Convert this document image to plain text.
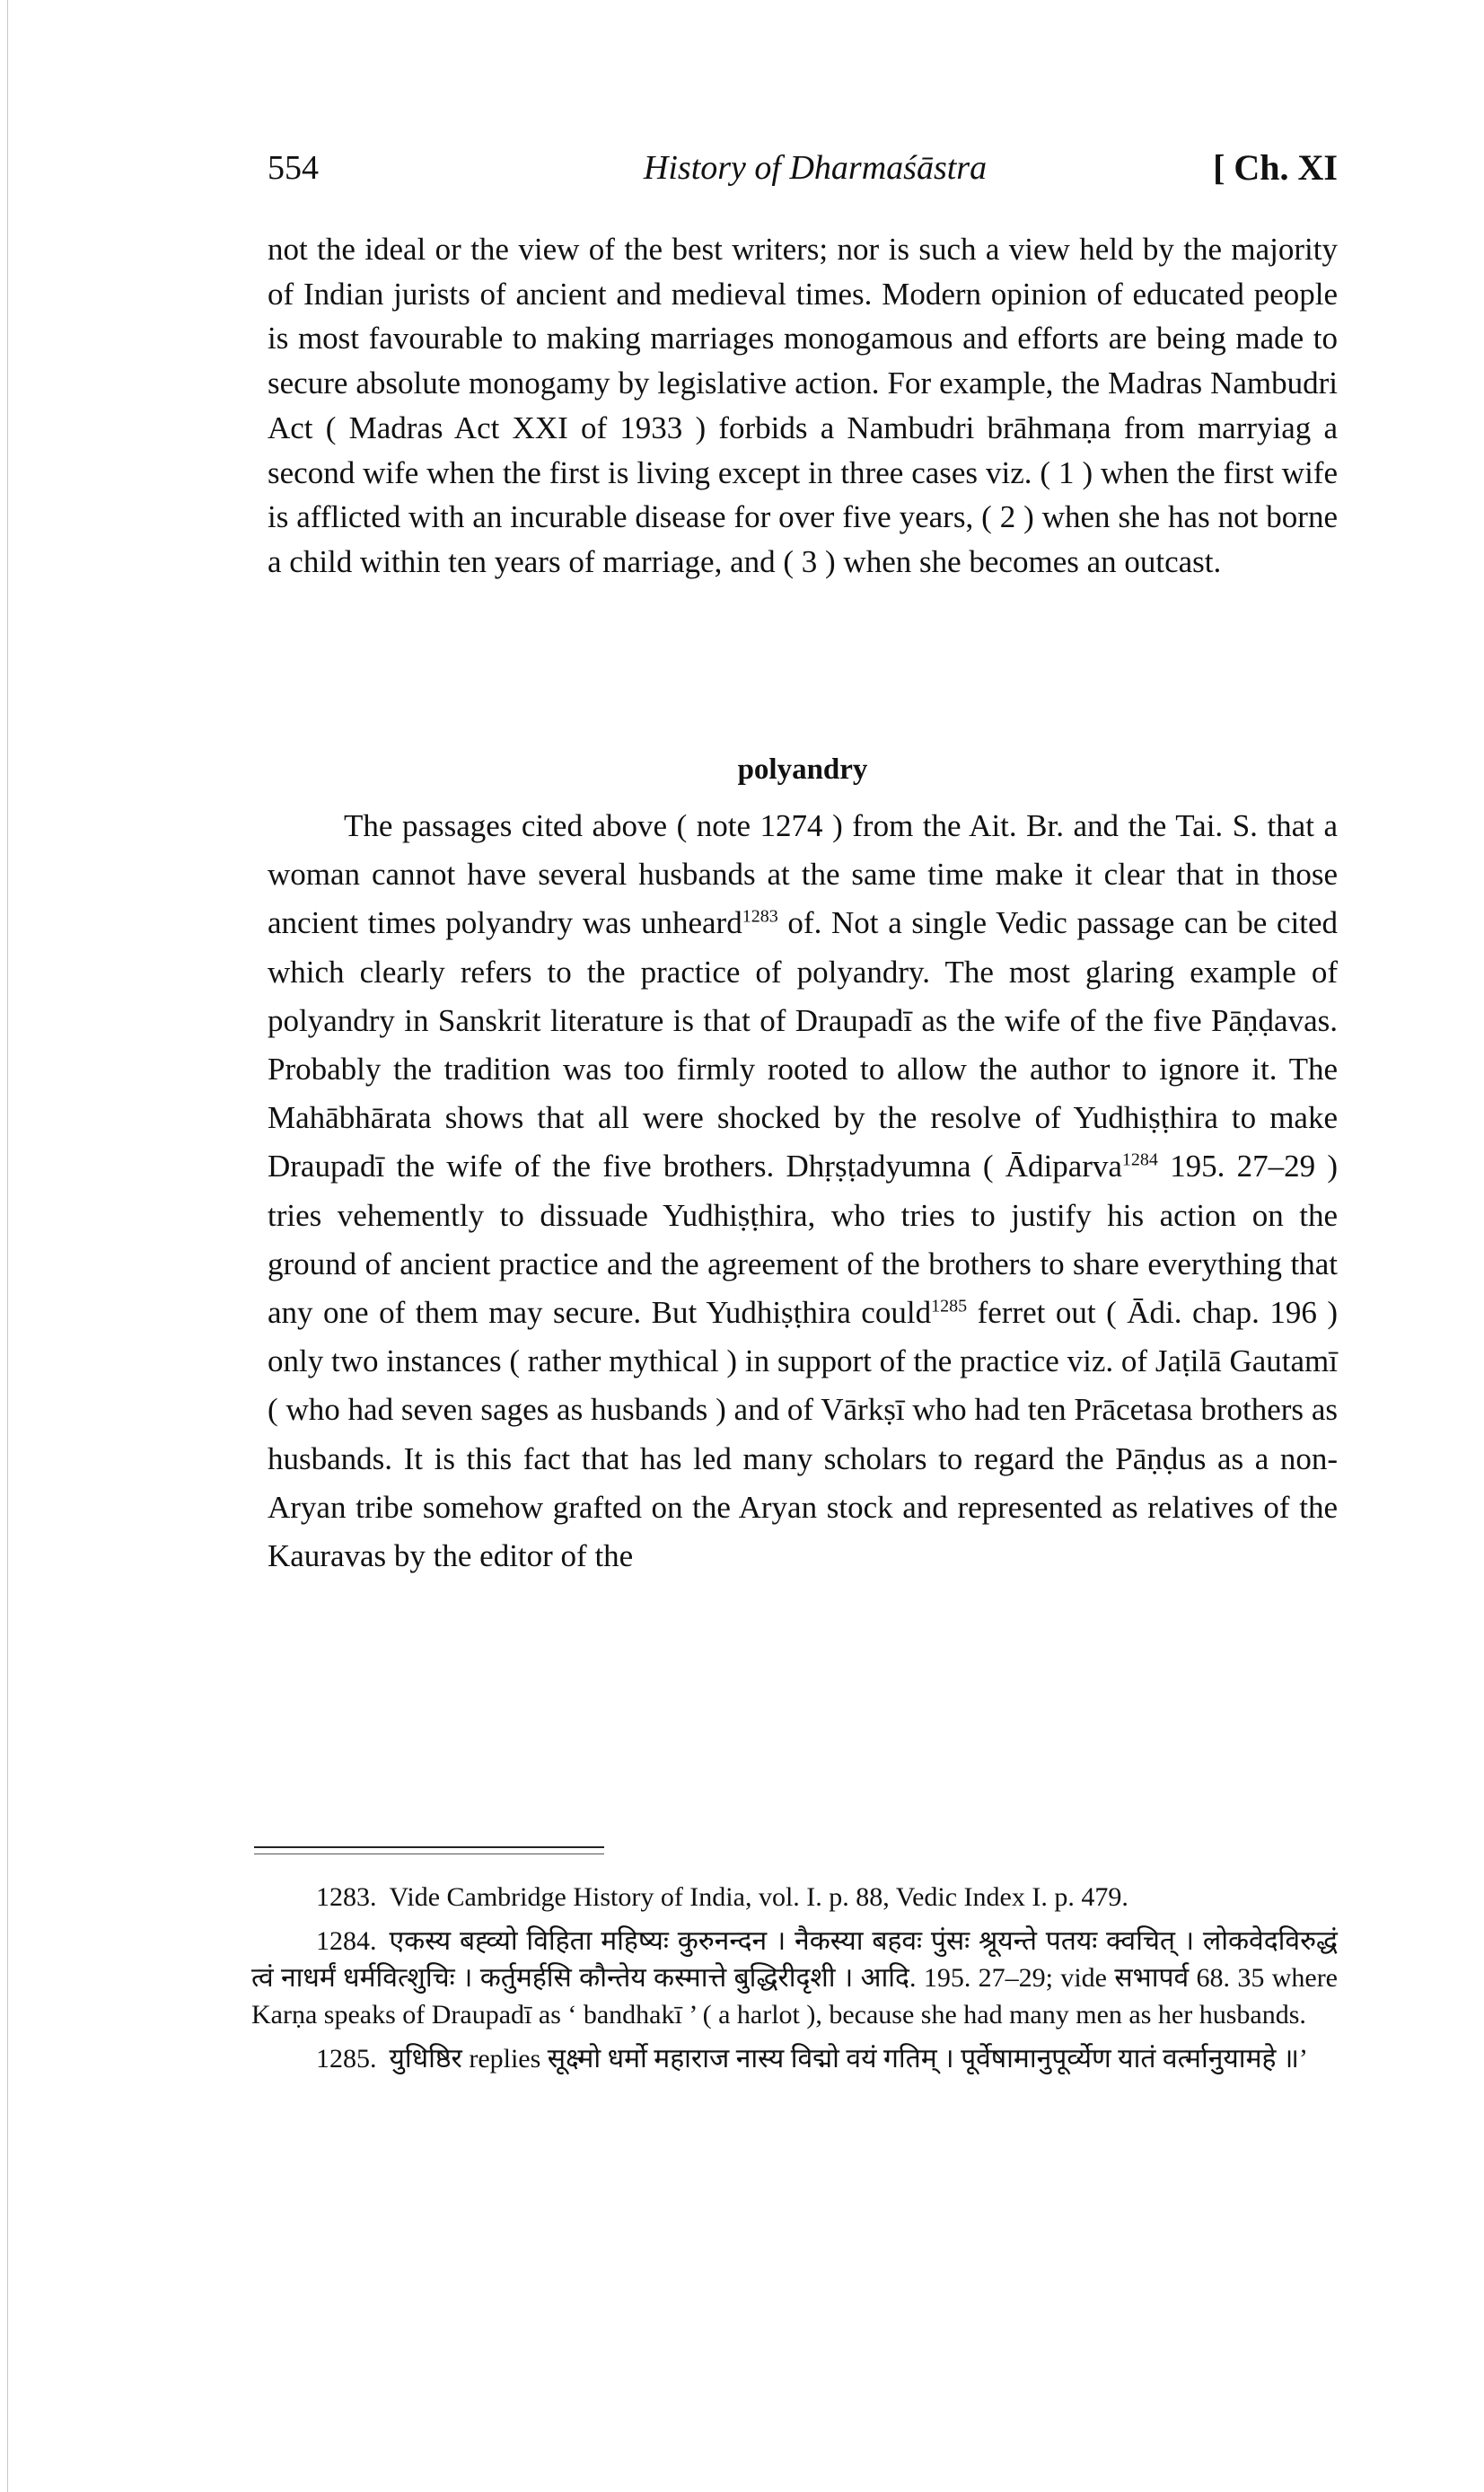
554	History of Dharmaśāstra	[ Ch. XI

not the ideal or the view of the best writers; nor is such a view held by the majority of Indian jurists of ancient and medieval times. Modern opinion of educated people is most favourable to making marriages monogamous and efforts are being made to secure absolute monogamy by legislative action. For example, the Madras Nambudri Act ( Madras Act XXI of 1933 ) forbids a Nambudri brāhmaṇa from marryiag a second wife when the first is living except in three cases viz. ( 1 ) when the first wife is afflicted with an incurable disease for over five years, ( 2 ) when she has not borne a child within ten years of marriage, and ( 3 ) when she becomes an outcast.

polyandry

The passages cited above ( note 1274 ) from the Ait. Br. and the Tai. S. that a woman cannot have several husbands at the same time make it clear that in those ancient times polyandry was unheard$^{1283}$ of. Not a single Vedic passage can be cited which clearly refers to the practice of polyandry. The most glaring example of polyandry in Sanskrit literature is that of Draupadī as the wife of the five Pāṇḍavas. Probably the tradition was too firmly rooted to allow the author to ignore it. The Mahābhārata shows that all were shocked by the resolve of Yudhiṣṭhira to make Draupadī the wife of the five brothers. Dhṛṣṭadyumna ( Ādiparva$^{1284}$ 195. 27–29 ) tries vehemently to dissuade Yudhiṣṭhira, who tries to justify his action on the ground of ancient practice and the agreement of the brothers to share everything that any one of them may secure. But Yudhiṣṭhira could$^{1285}$ ferret out ( Ādi. chap. 196 ) only two instances ( rather mythical ) in support of the practice viz. of Jaṭilā Gautamī ( who had seven sages as husbands ) and of Vārkṣī who had ten Prācetasa brothers as husbands. It is this fact that has led many scholars to regard the Pāṇḍus as a non-Aryan tribe somehow grafted on the Aryan stock and represented as relatives of the Kauravas by the editor of the

1283. Vide Cambridge History of India, vol. I. p. 88, Vedic Index I. p. 479.

1284. एकस्य बह्व्यो विहिता महिष्यः कुरुनन्दन । नैकस्या बहवः पुंसः श्रूयन्ते पतयः क्वचित् । लोकवेदविरुद्धं त्वं नाधर्मं धर्मवित्शुचिः । कर्तुमर्हसि कौन्तेय कस्मात्ते बुद्धिरीदृशी । आदि. 195. 27–29; vide सभापर्व 68. 35 where Karṇa speaks of Draupadī as ‘ bandhakī ’ ( a harlot ), because she had many men as her husbands.

1285. युधिष्ठिर replies सूक्ष्मो धर्मो महाराज नास्य विद्मो वयं गतिम् । पूर्वेषामानुपूर्व्येण यातं वर्त्मानुयामहे ॥’
